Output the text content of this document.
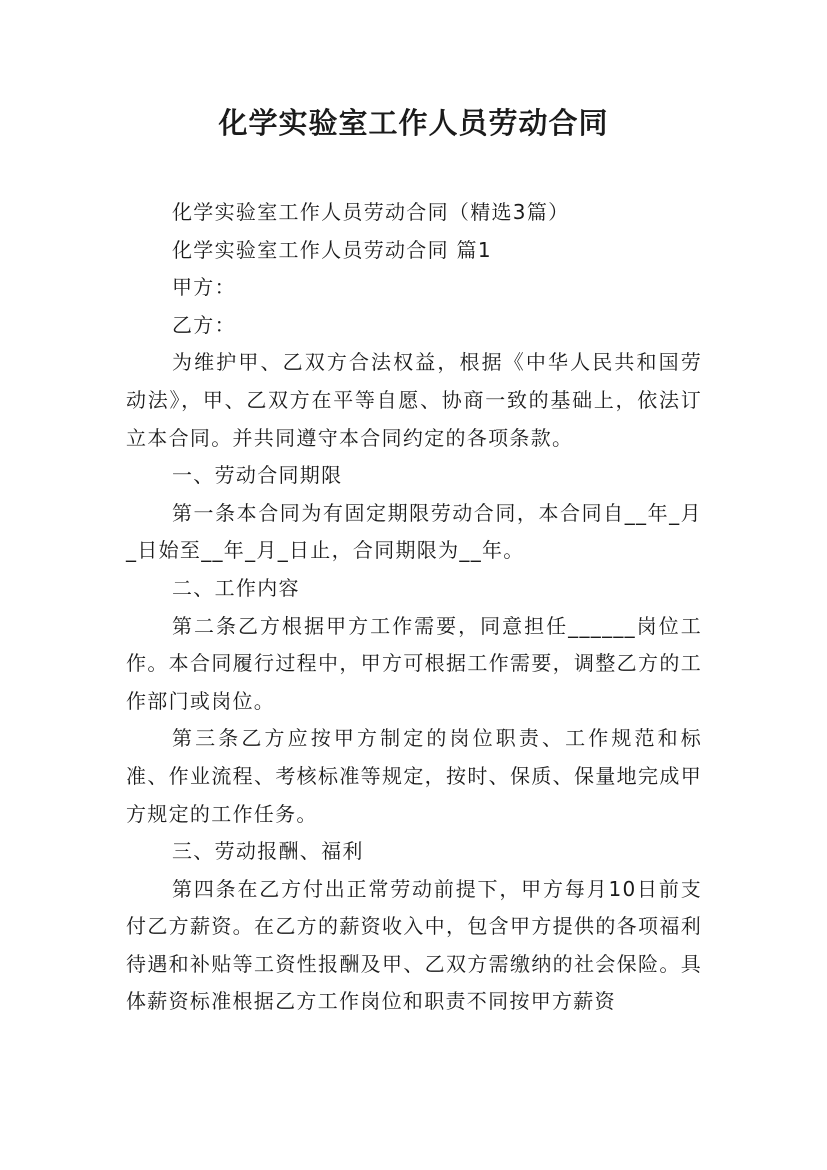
化学实验室工作人员劳动合同

化学实验室工作人员劳动合同（精选3篇）

化学实验室工作人员劳动合同 篇1

甲方：

乙方：

为维护甲、乙双方合法权益，根据《中华人民共和国劳动法》，甲、乙双方在平等自愿、协商一致的基础上，依法订立本合同。并共同遵守本合同约定的各项条款。

一、劳动合同期限

第一条本合同为有固定期限劳动合同，本合同自__年_月_日始至__年_月_日止，合同期限为__年。

二、工作内容

第二条乙方根据甲方工作需要，同意担任______岗位工作。本合同履行过程中，甲方可根据工作需要，调整乙方的工作部门或岗位。

第三条乙方应按甲方制定的岗位职责、工作规范和标准、作业流程、考核标准等规定，按时、保质、保量地完成甲方规定的工作任务。

三、劳动报酬、福利

第四条在乙方付出正常劳动前提下，甲方每月10日前支付乙方薪资。在乙方的薪资收入中，包含甲方提供的各项福利待遇和补贴等工资性报酬及甲、乙双方需缴纳的社会保险。具体薪资标准根据乙方工作岗位和职责不同按甲方薪资
